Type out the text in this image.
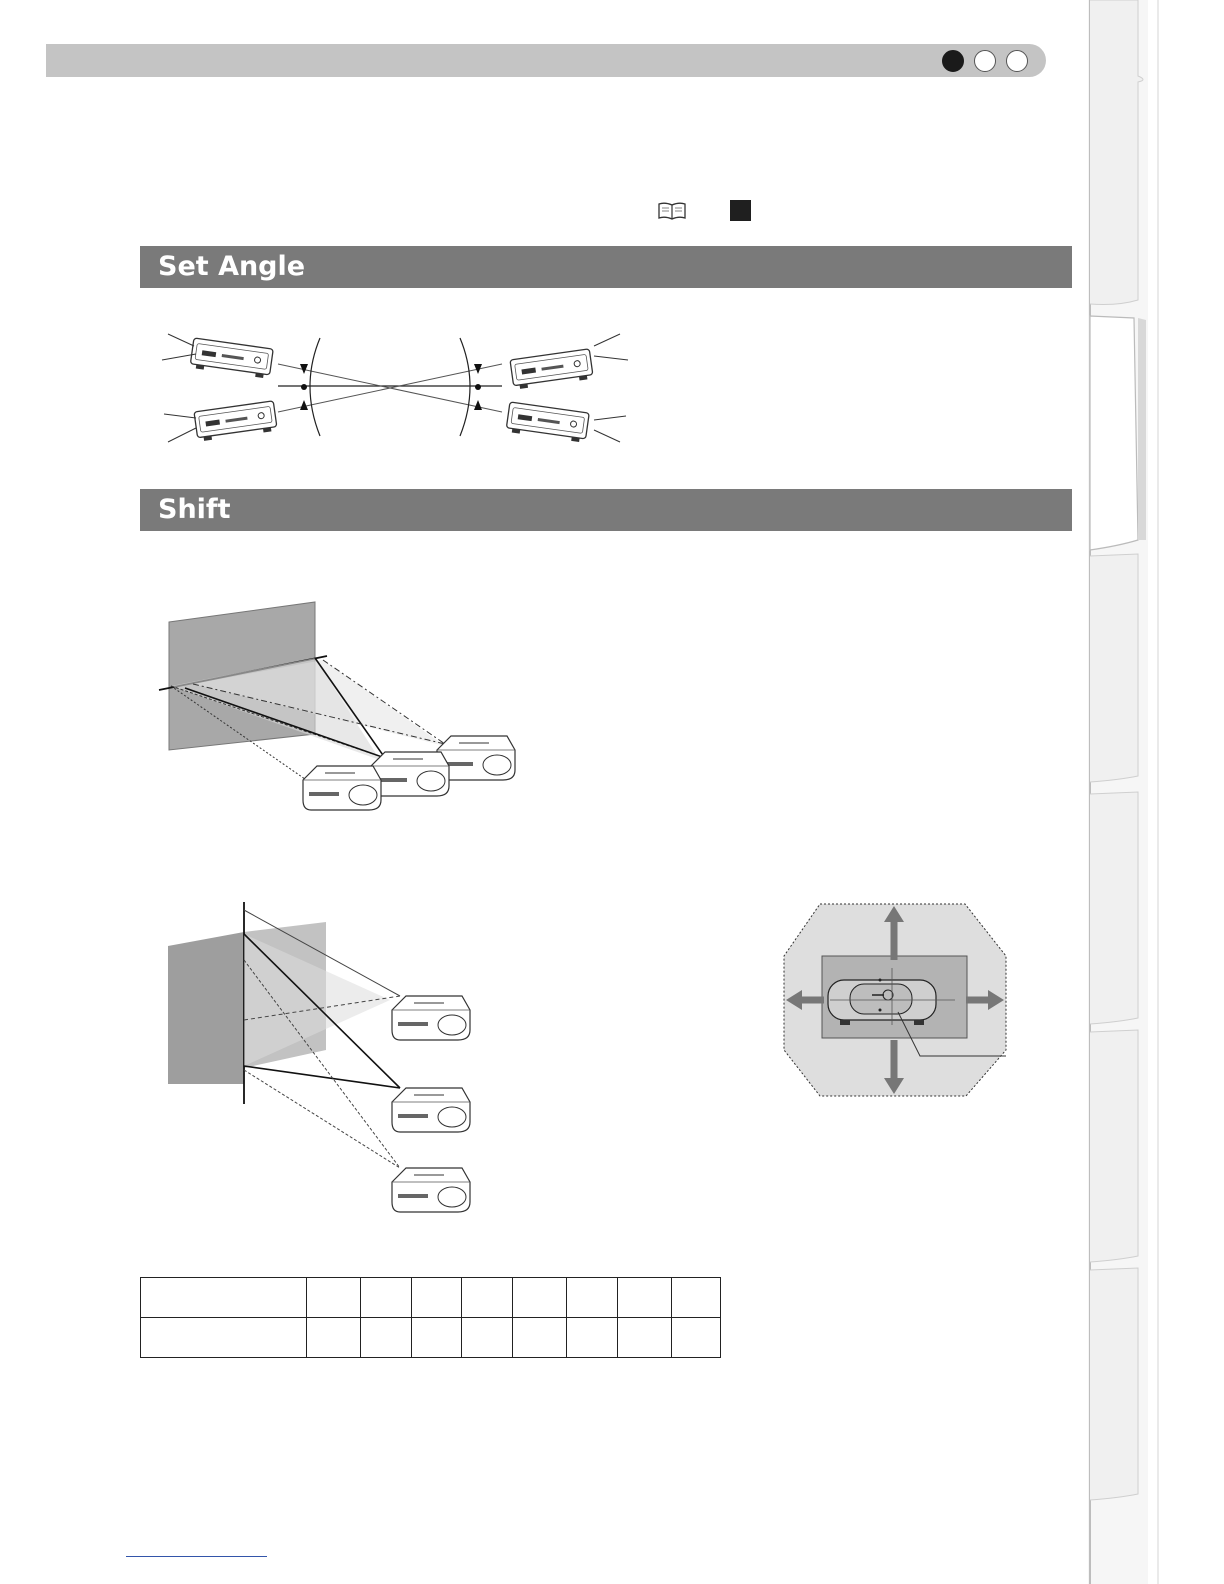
Set Angle
Shift
